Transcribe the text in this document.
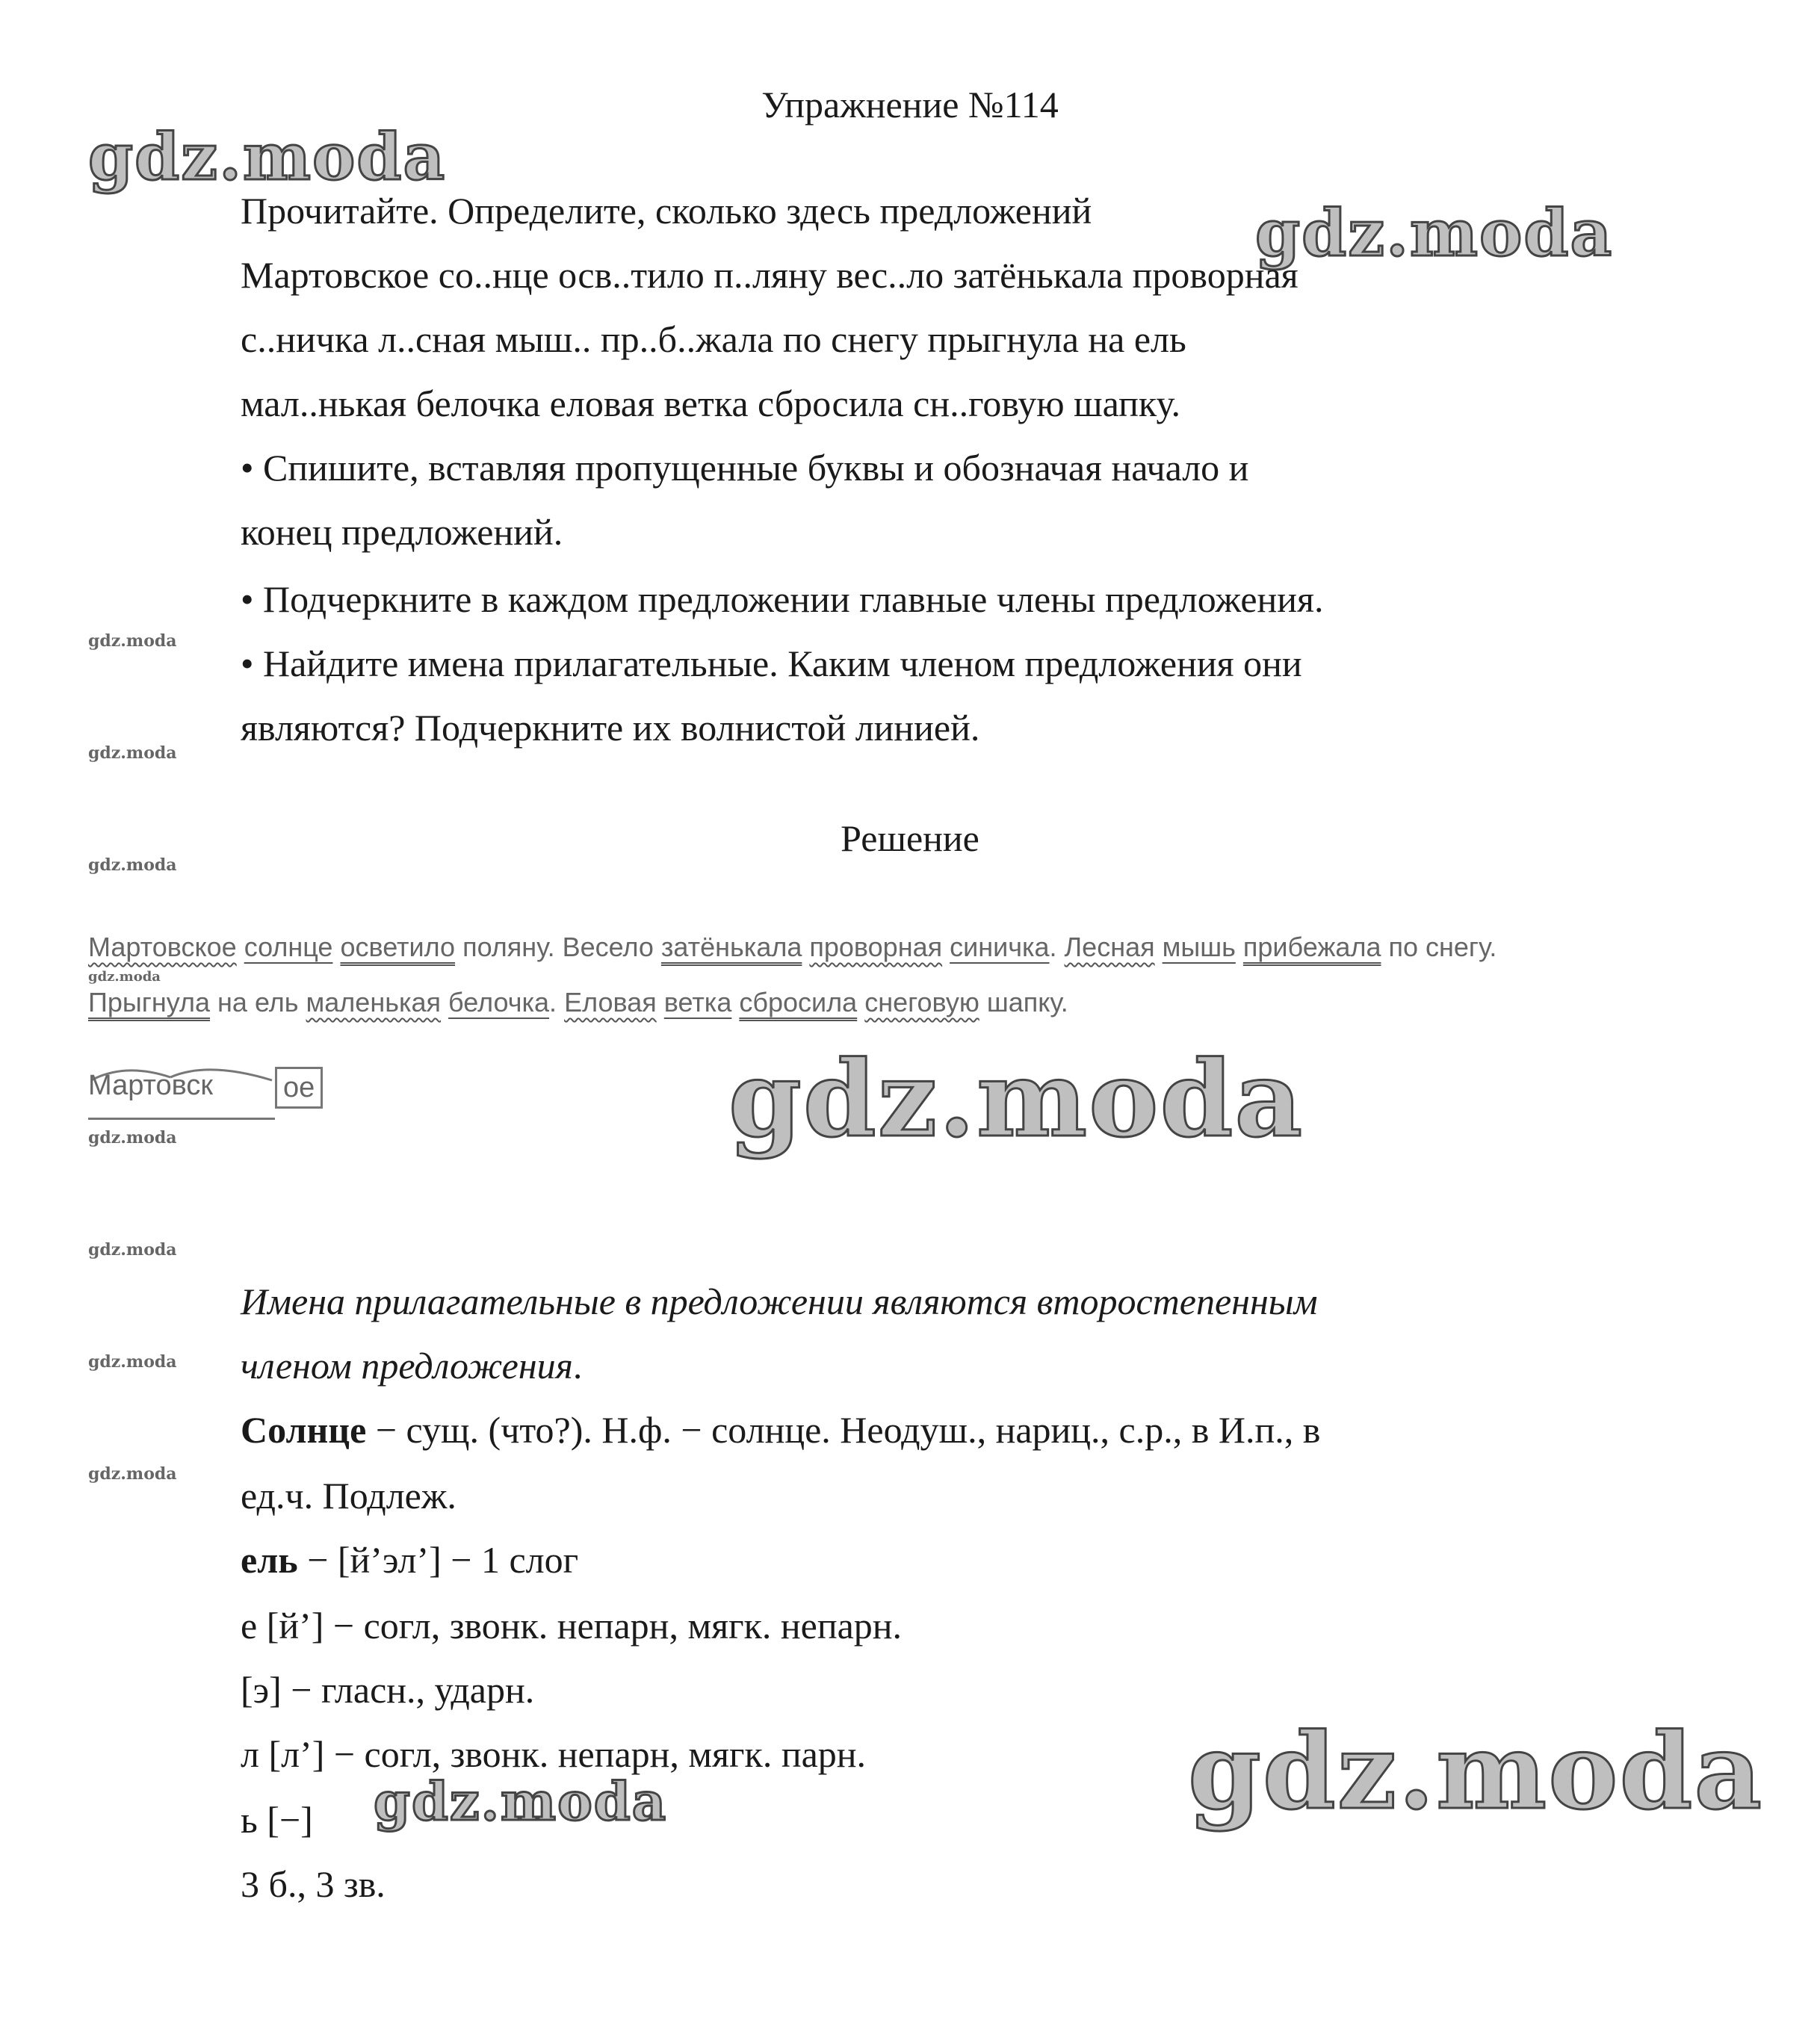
gdz.moda
gdz.moda
gdz.moda
gdz.moda
gdz.moda
gdz.moda
gdz.moda
gdz.moda
gdz.moda
gdz.moda
gdz.moda
gdz.moda
gdz.moda
Упражнение №114
Прочитайте. Определите, сколько здесь предложений
Мартовское со..нце осв..тило п..ляну вес..ло затёнькала проворная
с..ничка л..сная мыш.. пр..б..жала по снегу прыгнула на ель
мал..нькая белочка еловая ветка сбросила сн..говую шапку.
• Спишите, вставляя пропущенные буквы и обозначая начало и
конец предложений.
• Подчеркните в каждом предложении главные члены предложения.
• Найдите имена прилагательные. Каким членом предложения они
являются? Подчеркните их волнистой линией.
Решение
Мартовское солнце осветило поляну. Весело затёнькала проворная синичка. Лесная мышь прибежала по снегу.
Прыгнула на ель маленькая белочка. Еловая ветка сбросила снеговую шапку.
Мартовск ое
Имена прилагательные в предложении являются второстепенным
членом предложения.
Солнце − сущ. (что?). Н.ф. − солнце. Неодуш., нариц., с.р., в И.п., в
ед.ч. Подлеж.
ель − [й’эл’] − 1 слог
е [й’] − согл, звонк. непарн, мягк. непарн.
[э] − гласн., ударн.
л [л’] − согл, звонк. непарн, мягк. парн.
ь [−]
3 б., 3 зв.
